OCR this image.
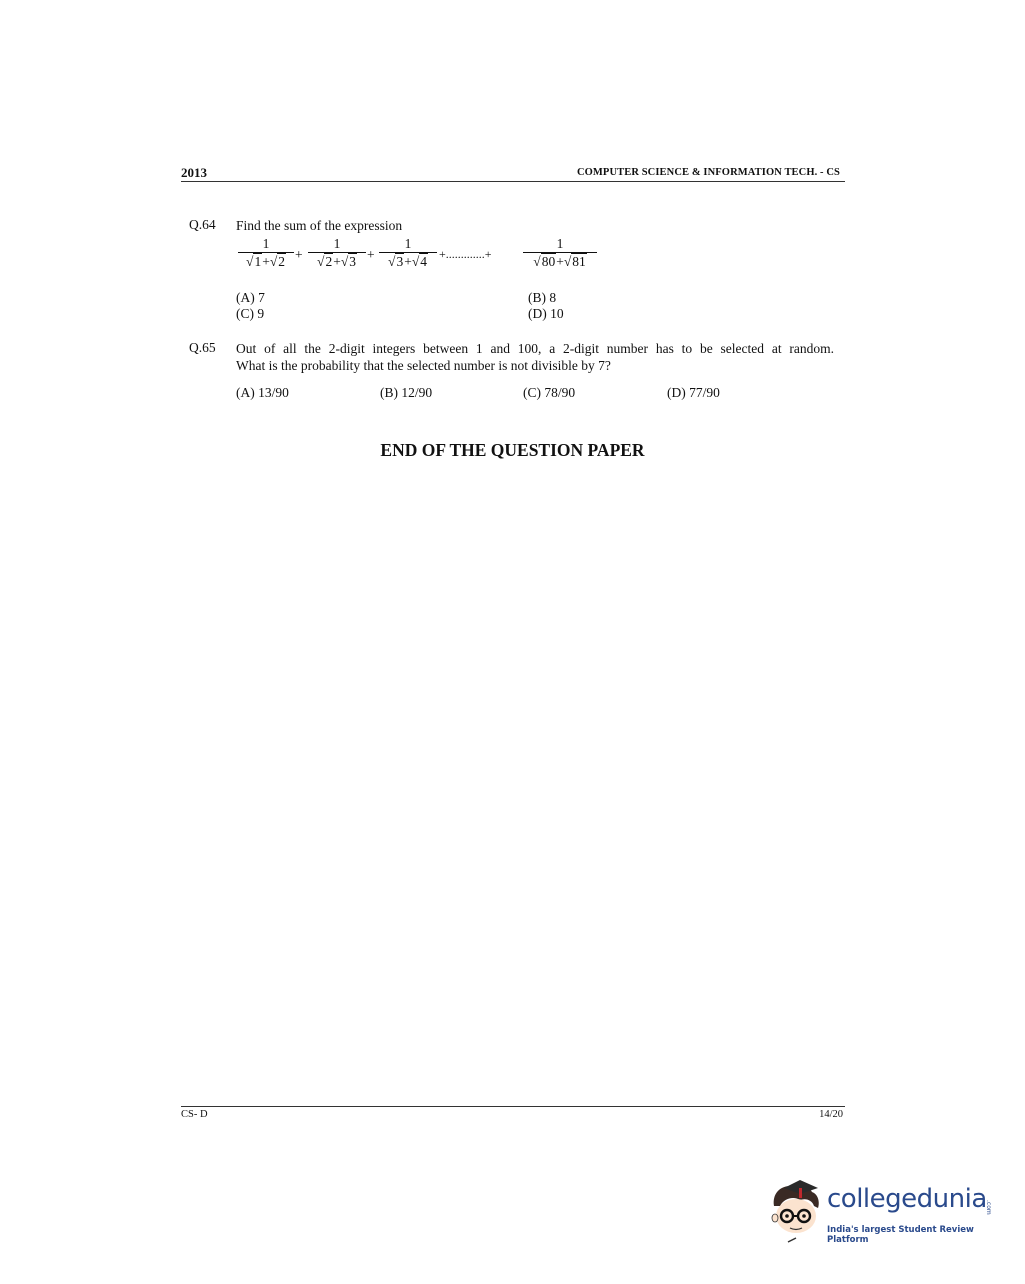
2013	COMPUTER SCIENCE & INFORMATION TECH. - CS
Q.64 Find the sum of the expression
1
√1+√2 +
1
√2+√3 +
1
√3+√4	+.............+
1
√80+√81
(A) 7	(B) 8
(C) 9	(D) 10
Q.65 Out of all the 2-digit integers between 1 and 100, a 2-digit number has to be selected at random.
What is the probability that the selected number is not divisible by 7?
(A) 13/90	(B) 12/90	(C) 78/90	(D) 77/90
END OF THE QUESTION PAPER
CS- D	14/20
collegedunia
.com
India's largest Student Review Platform
